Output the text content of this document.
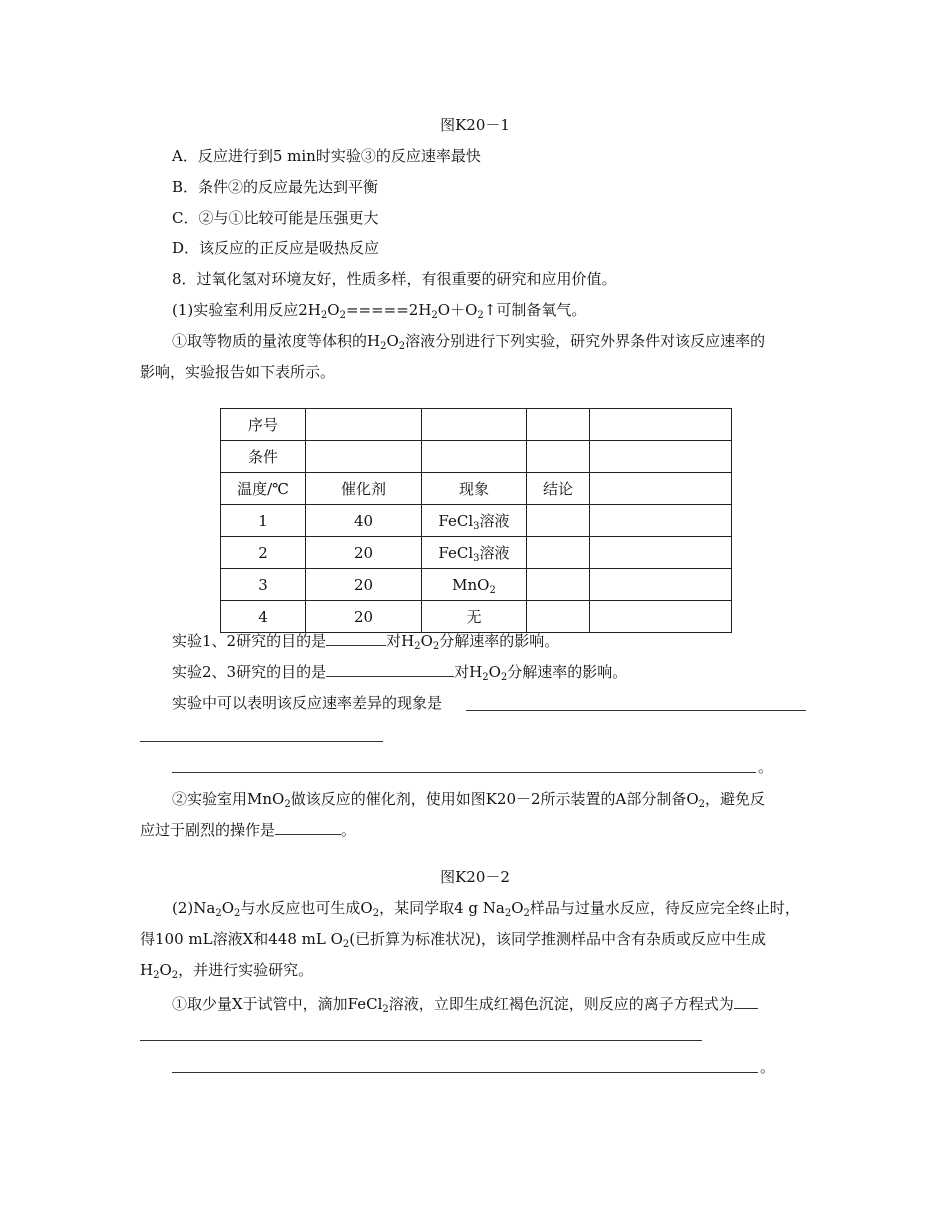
图K20－1
A．反应进行到5 min时实验③的反应速率最快
B．条件②的反应最先达到平衡
C．②与①比较可能是压强更大
D．该反应的正反应是吸热反应
8．过氧化氢对环境友好，性质多样，有很重要的研究和应用价值。
(1)实验室利用反应$2H_2O_2=====2H_2O+O_2↑$可制备氧气。
①取等物质的量浓度等体积的$H_2O_2$溶液分别进行下列实验，研究外界条件对该反应速率的
影响，实验报告如下表所示。
序号				
条件				
温度/℃	催化剂	现象	结论	
1	40	FeCl$_3$溶液		
2	20	FeCl$_3$溶液		
3	20	MnO$_2$		
4	20	无		
实验1、2研究的目的是	对$H_2O_2$分解速率的影响。
实验2、3研究的目的是	对$H_2O_2$分解速率的影响。
实验中可以表明该反应速率差异的现象是
。
②实验室用MnO$_2$做该反应的催化剂，使用如图K20－2所示装置的A部分制备$O_2$，避免反
应过于剧烈的操作是	。
图K20－2
$(2)Na_2O_2$与水反应也可生成$O_2$，某同学取4 g $Na_2O_2$样品与过量水反应，待反应完全终止时，
得100 mL溶液X和448 mL $O_2$(已折算为标准状况)，该同学推测样品中含有杂质或反应中生成
$H_2O_2$，并进行实验研究。
①取少量X于试管中，滴加FeCl$_2$溶液，立即生成红褐色沉淀，则反应的离子方程式为
。
